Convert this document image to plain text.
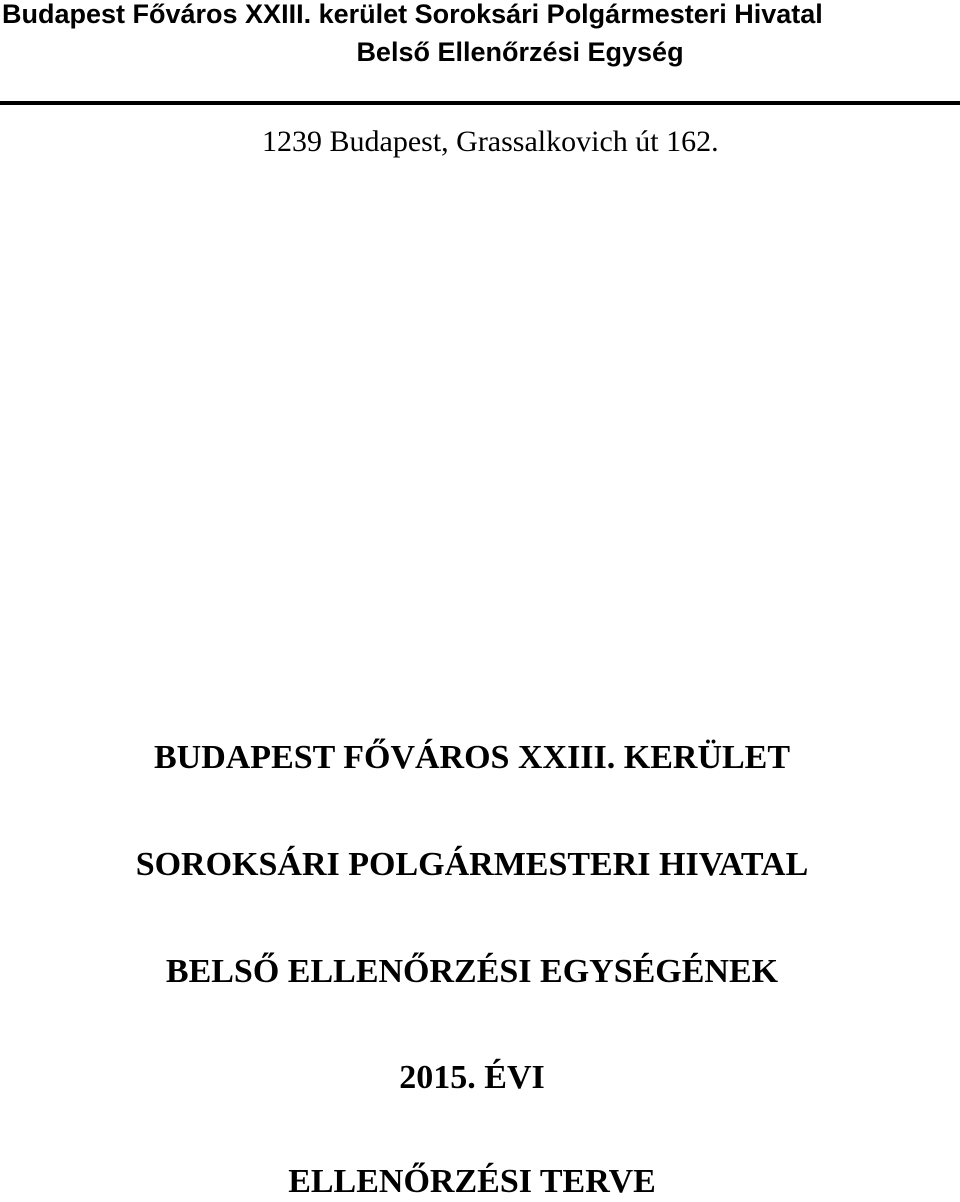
Budapest Főváros XXIII. kerület Soroksári Polgármesteri Hivatal
Belső Ellenőrzési Egység
1239 Budapest, Grassalkovich út 162.
BUDAPEST FŐVÁROS XXIII. KERÜLET
SOROKSÁRI POLGÁRMESTERI HIVATAL
BELSŐ ELLENŐRZÉSI EGYSÉGÉNEK
2015. ÉVI
ELLENŐRZÉSI TERVE
